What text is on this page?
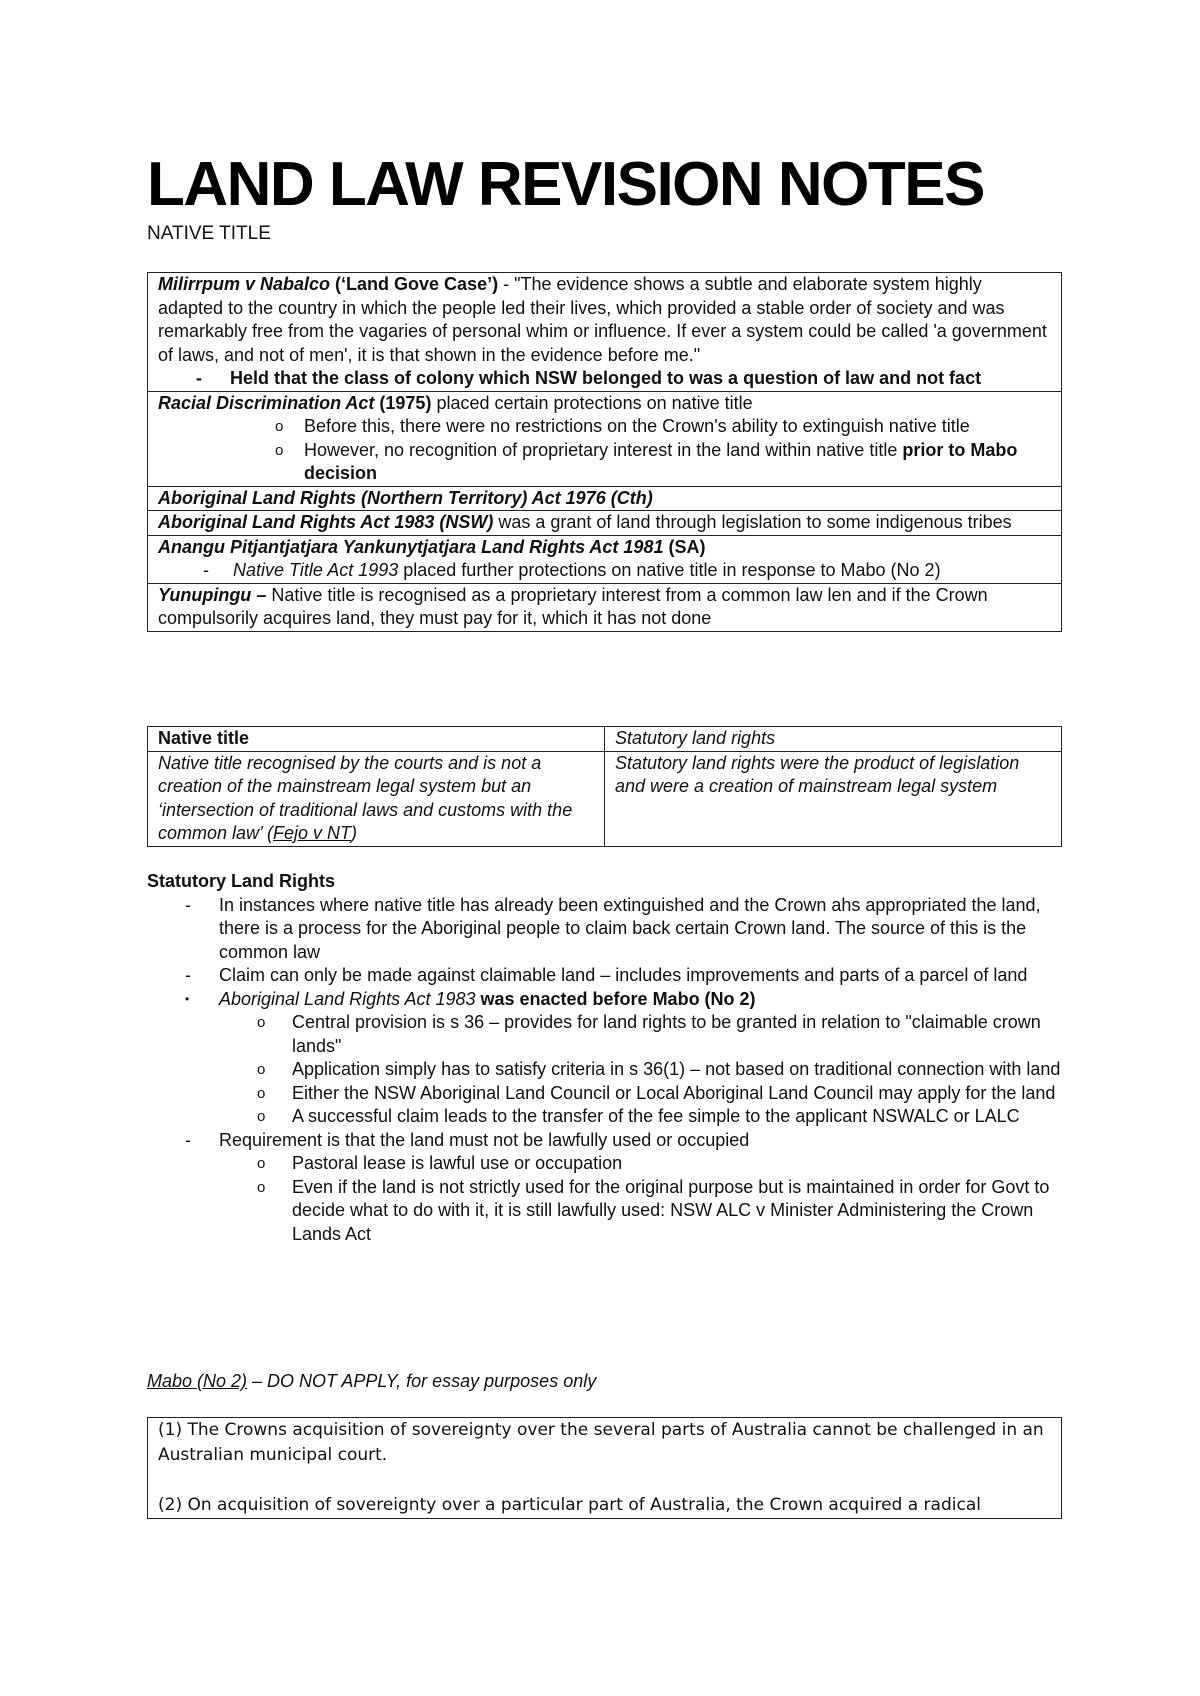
LAND LAW REVISION NOTES

NATIVE TITLE

Milirrpum v Nabalco (‘Land Gove Case’) - "The evidence shows a subtle and elaborate system highly adapted to the country in which the people led their lives, which provided a stable order of society and was remarkably free from the vagaries of personal whim or influence. If ever a system could be called 'a government of laws, and not of men', it is that shown in the evidence before me."
- Held that the class of colony which NSW belonged to was a question of law and not fact

Racial Discrimination Act (1975) placed certain protections on native title
o Before this, there were no restrictions on the Crown's ability to extinguish native title
o However, no recognition of proprietary interest in the land within native title prior to Mabo decision

Aboriginal Land Rights (Northern Territory) Act 1976 (Cth)
Aboriginal Land Rights Act 1983 (NSW) was a grant of land through legislation to some indigenous tribes
Anangu Pitjantjatjara Yankunytjatjara Land Rights Act 1981 (SA)
- Native Title Act 1993 placed further protections on native title in response to Mabo (No 2)

Yunupingu – Native title is recognised as a proprietary interest from a common law len and if the Crown compulsorily acquires land, they must pay for it, which it has not done
Native title	Statutory land rights
Native title recognised by the courts and is not a creation of the mainstream legal system but an ‘intersection of traditional laws and customs with the common law’ (Fejo v NT)	Statutory land rights were the product of legislation and were a creation of mainstream legal system

Statutory Land Rights

- In instances where native title has already been extinguished and the Crown ahs appropriated the land, there is a process for the Aboriginal people to claim back certain Crown land. The source of this is the common law
- Claim can only be made against claimable land – includes improvements and parts of a parcel of land
• Aboriginal Land Rights Act 1983 was enacted before Mabo (No 2)
o Central provision is s 36 – provides for land rights to be granted in relation to "claimable crown lands"
o Application simply has to satisfy criteria in s 36(1) – not based on traditional connection with land
o Either the NSW Aboriginal Land Council or Local Aboriginal Land Council may apply for the land
o A successful claim leads to the transfer of the fee simple to the applicant NSWALC or LALC
- Requirement is that the land must not be lawfully used or occupied
o Pastoral lease is lawful use or occupation
o Even if the land is not strictly used for the original purpose but is maintained in order for Govt to decide what to do with it, it is still lawfully used: NSW ALC v Minister Administering the Crown Lands Act

Mabo (No 2) – DO NOT APPLY, for essay purposes only

(1) The Crowns acquisition of sovereignty over the several parts of Australia cannot be challenged in an Australian municipal court.
(2) On acquisition of sovereignty over a particular part of Australia, the Crown acquired a radical
